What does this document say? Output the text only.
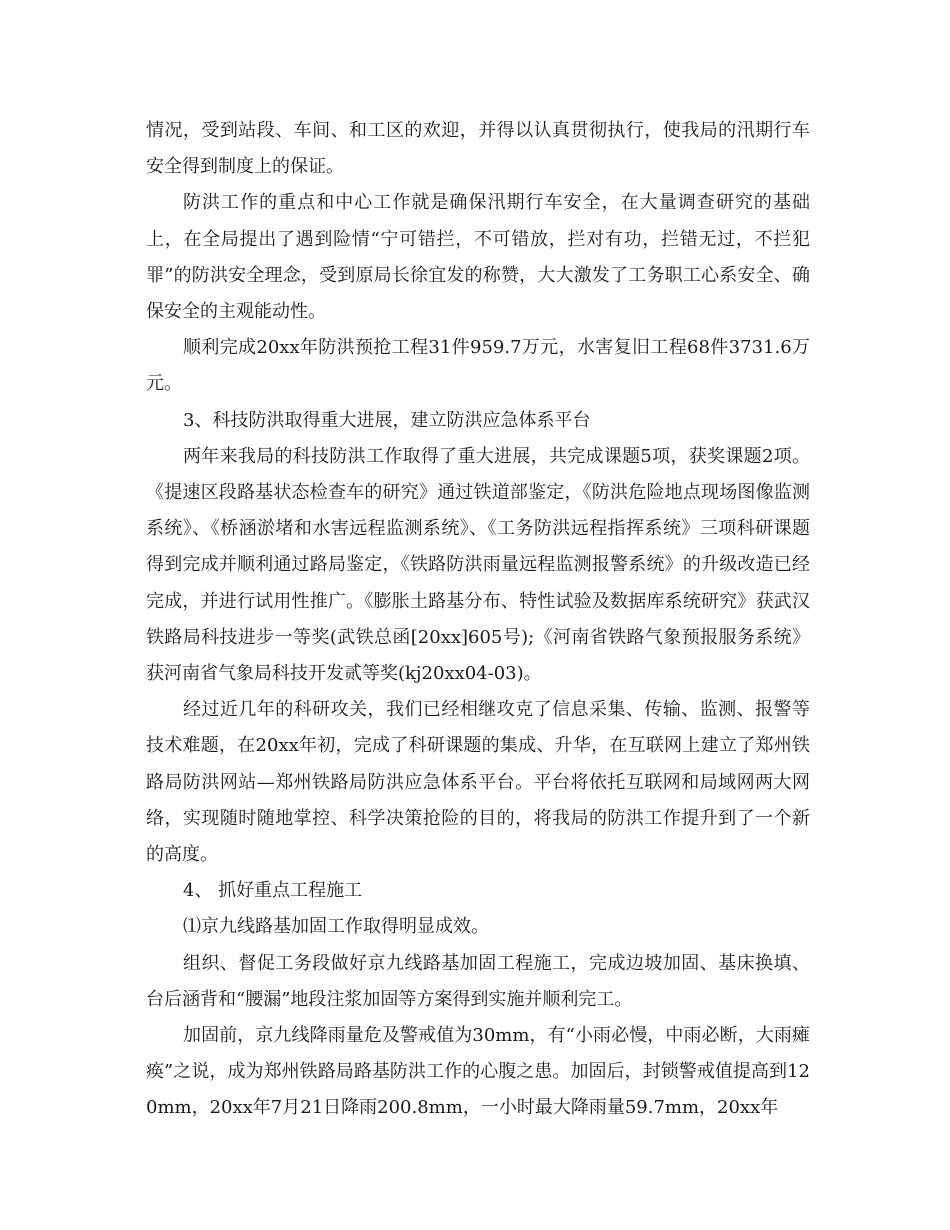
情况，受到站段、车间、和工区的欢迎，并得以认真贯彻执行，使我局的汛期行车安全得到制度上的保证。

防洪工作的重点和中心工作就是确保汛期行车安全，在大量调查研究的基础上，在全局提出了遇到险情“宁可错拦，不可错放，拦对有功，拦错无过，不拦犯罪”的防洪安全理念，受到原局长徐宜发的称赞，大大激发了工务职工心系安全、确保安全的主观能动性。

顺利完成20xx年防洪预抢工程31件959.7万元，水害复旧工程68件3731.6万元。

3、科技防洪取得重大进展，建立防洪应急体系平台

两年来我局的科技防洪工作取得了重大进展，共完成课题5项，获奖课题2项。《提速区段路基状态检查车的研究》通过铁道部鉴定，《防洪危险地点现场图像监测系统》、《桥涵淤堵和水害远程监测系统》、《工务防洪远程指挥系统》三项科研课题得到完成并顺利通过路局鉴定，《铁路防洪雨量远程监测报警系统》的升级改造已经完成，并进行试用性推广。《膨胀土路基分布、特性试验及数据库系统研究》获武汉铁路局科技进步一等奖(武铁总函[20xx]605号);《河南省铁路气象预报服务系统》获河南省气象局科技开发贰等奖(kj20xx04-03)。

经过近几年的科研攻关，我们已经相继攻克了信息采集、传输、监测、报警等技术难题，在20xx年初，完成了科研课题的集成、升华，在互联网上建立了郑州铁路局防洪网站—郑州铁路局防洪应急体系平台。平台将依托互联网和局域网两大网络，实现随时随地掌控、科学决策抢险的目的，将我局的防洪工作提升到了一个新的高度。

4、 抓好重点工程施工

⑴京九线路基加固工作取得明显成效。

组织、督促工务段做好京九线路基加固工程施工，完成边坡加固、基床换填、台后涵背和“腰漏”地段注浆加固等方案得到实施并顺利完工。

加固前，京九线降雨量危及警戒值为30mm，有“小雨必慢，中雨必断，大雨瘫痪”之说，成为郑州铁路局路基防洪工作的心腹之患。加固后，封锁警戒值提高到120mm，20xx年7月21日降雨200.8mm，一小时最大降雨量59.7mm，20xx年
